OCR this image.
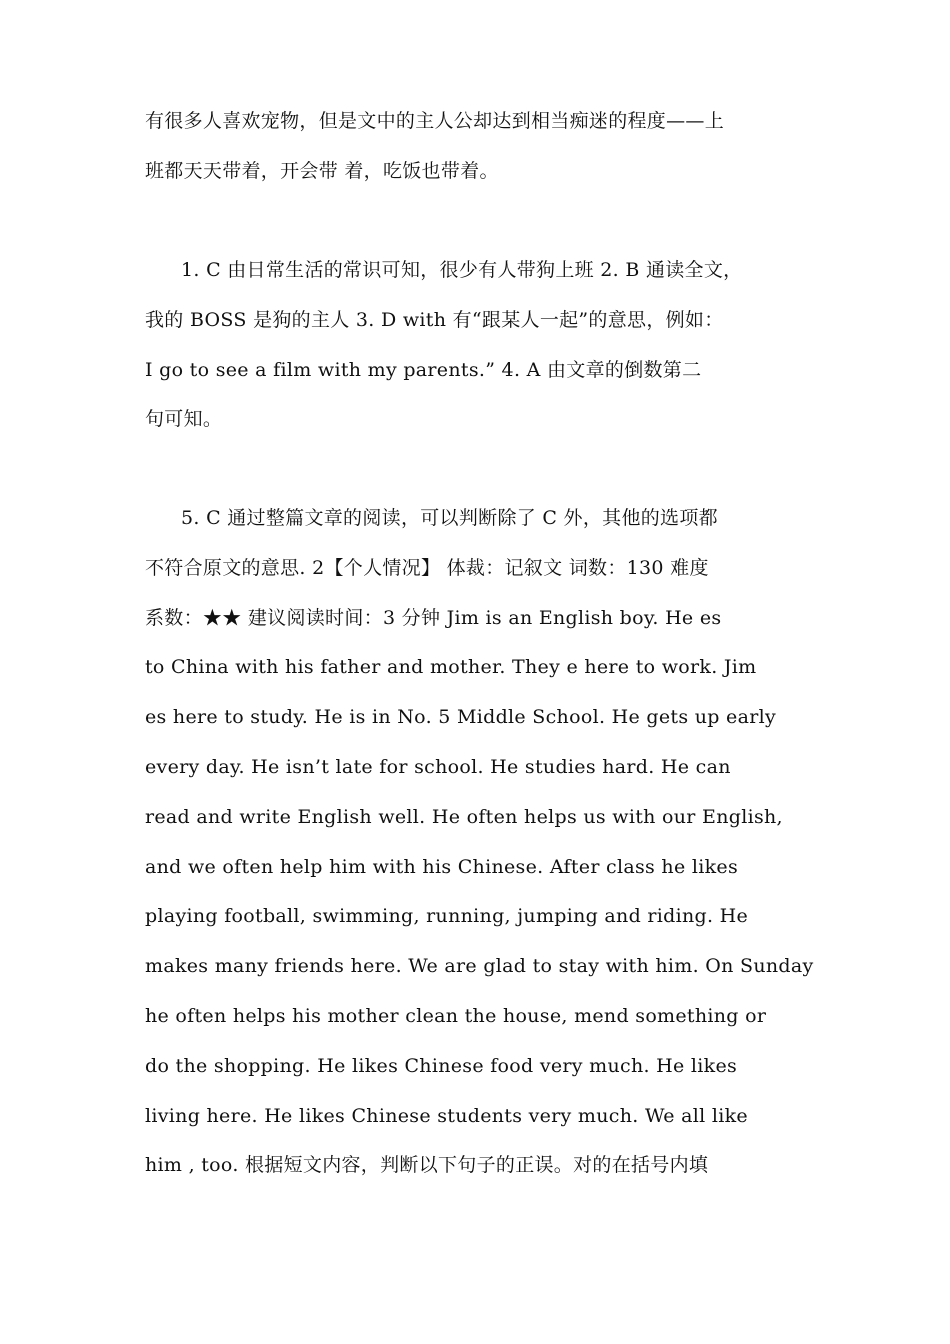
有很多人喜欢宠物，但是文中的主人公却达到相当痴迷的程度——上
班都天天带着，开会带 着，吃饭也带着。

1. C 由日常生活的常识可知，很少有人带狗上班 2. B 通读全文，
我的 BOSS 是狗的主人 3. D with 有“跟某人一起”的意思，例如：
I go to see a film with my parents.” 4. A 由文章的倒数第二
句可知。

5. C 通过整篇文章的阅读，可以判断除了 C 外，其他的选项都
不符合原文的意思. 2【个人情况】 体裁：记叙文 词数：130 难度
系数：★★ 建议阅读时间：3 分钟 Jim is an English boy. He es
to China with his father and mother. They e here to work. Jim
es here to study. He is in No. 5 Middle School. He gets up early
every day. He isn’t late for school. He studies hard. He can
read and write English well. He often helps us with our English,
and we often help him with his Chinese. After class he likes
playing football, swimming, running, jumping and riding. He
makes many friends here. We are glad to stay with him. On Sunday
he often helps his mother clean the house, mend something or
do the shopping. He likes Chinese food very much. He likes
living here. He likes Chinese students very much. We all like
him , too. 根据短文内容，判断以下句子的正误。对的在括号内填
